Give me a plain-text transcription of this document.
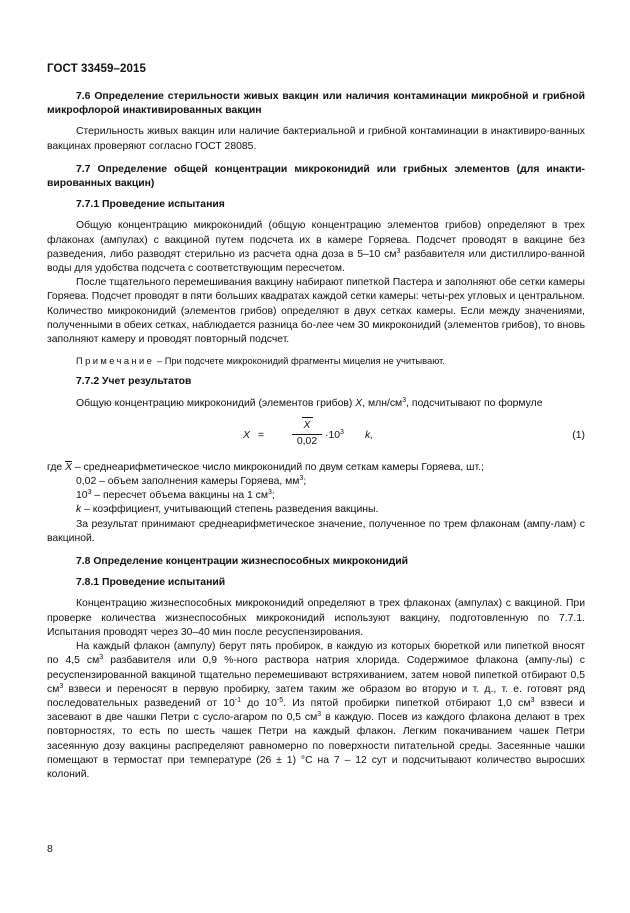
ГОСТ 33459–2015

7.6 Определение стерильности живых вакцин или наличия контаминации микробной и грибной микрофлорой инактивированных вакцин

Стерильность живых вакцин или наличие бактериальной и грибной контаминации в инактивиро-ванных вакцинах проверяют согласно ГОСТ 28085.

7.7 Определение общей концентрации микроконидий или грибных элементов (для инакти-вированных вакцин)

7.7.1 Проведение испытания

Общую концентрацию микроконидий (общую концентрацию элементов грибов) определяют в трех флаконах (ампулах) с вакциной путем подсчета их в камере Горяева. Подсчет проводят в вакцине без разведения, либо разводят стерильно из расчета одна доза в 5–10 $см^3$ разбавителя или дистиллиро-ванной воды для удобства подсчета с соответствующим пересчетом.

После тщательного перемешивания вакцину набирают пипеткой Пастера и заполняют обе сетки камеры Горяева. Подсчет проводят в пяти больших квадратах каждой сетки камеры: четы-рех угловых и центральном. Количество микроконидий (элементов грибов) определяют в двух сетках камеры. Если между значениями, полученными в обеих сетках, наблюдается разница бо-лее чем 30 микроконидий (элементов грибов), то вновь заполняют камеру и проводят повторный подсчет.

Примечание – При подсчете микроконидий фрагменты мицелия не учитывают.

7.7.2 Учет результатов

Общую концентрацию микроконидий (элементов грибов) X, млн/$см^3$, подсчитывают по формуле

X =
X
0,02
$\cdot 10^3$ k,	(1)

где X – среднеарифметическое число микроконидий по двум сеткам камеры Горяева, шт.;

0,02 – объем заполнения камеры Горяева, $мм^3$;

$10^3$ – пересчет объема вакцины на 1 $см^3$;

k – коэффициент, учитывающий степень разведения вакцины.

За результат принимают среднеарифметическое значение, полученное по трем флаконам (ампу-лам) с вакциной.

7.8 Определение концентрации жизнеспособных микроконидий

7.8.1 Проведение испытаний

Концентрацию жизнеспособных микроконидий определяют в трех флаконах (ампулах) с вакциной. При проверке количества жизнеспособных микроконидий используют вакцину, подготовленную по 7.7.1. Испытания проводят через 30–40 мин после ресуспензирования.

На каждый флакон (ампулу) берут пять пробирок, в каждую из которых бюреткой или пипеткой вносят по 4,5 $см^3$ разбавителя или 0,9 %-ного раствора натрия хлорида. Содержимое флакона (ампу-лы) с ресуспензированной вакциной тщательно перемешивают встряхиванием, затем новой пипеткой отбирают 0,5 $см^3$ взвеси и переносят в первую пробирку, затем таким же образом во вторую и т. д., т. е. готовят ряд последовательных разведений от $10^{-1}$ до $10^{-5}$. Из пятой пробирки пипеткой отбирают 1,0 $см^3$ взвеси и засевают в две чашки Петри с сусло-агаром по 0,5 $см^3$ в каждую. Посев из каждого флакона делают в трех повторностях, то есть по шесть чашек Петри на каждый флакон. Легким покачиванием чашек Петри засеянную дозу вакцины распределяют равномерно по поверхности питательной среды. Засеянные чашки помещают в термостат при температуре (26 ± 1) °С на 7 – 12 сут и подсчитывают количество выросших колоний.

8
